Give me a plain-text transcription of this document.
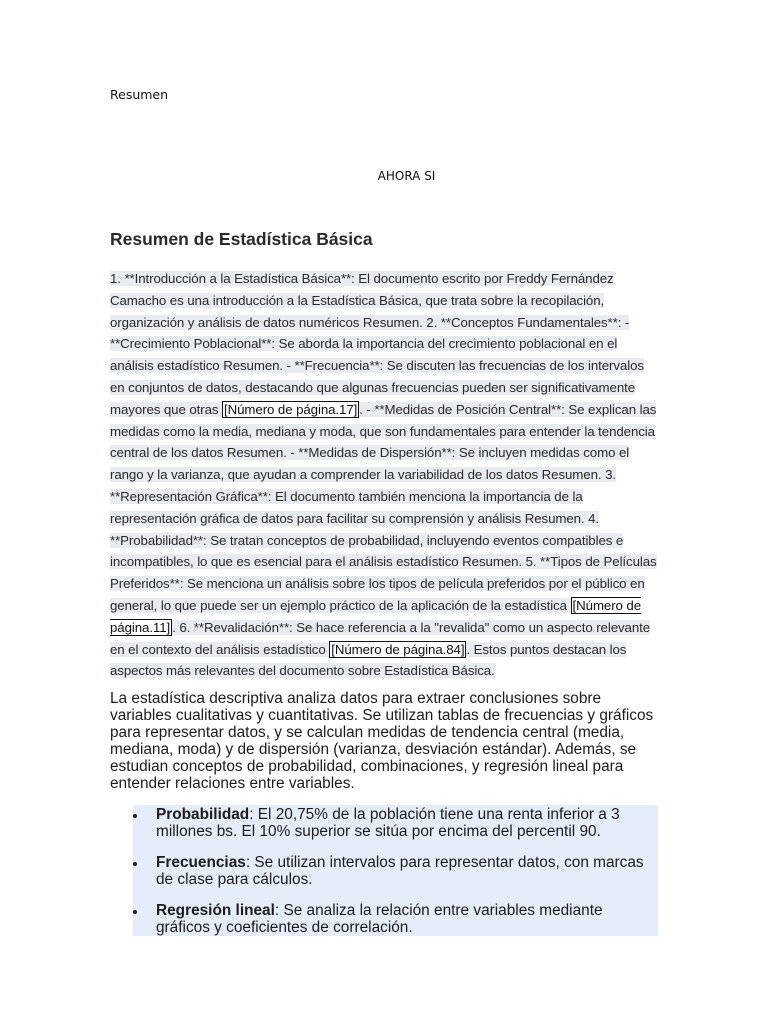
Resumen
AHORA SI
Resumen de Estadística Básica

1. **Introducción a la Estadística Básica**: El documento escrito por Freddy Fernández Camacho es una introducción a la Estadística Básica, que trata sobre la recopilación, organización y análisis de datos numéricos Resumen. 2. **Conceptos Fundamentales**: - **Crecimiento Poblacional**: Se aborda la importancia del crecimiento poblacional en el análisis estadístico Resumen. - **Frecuencia**: Se discuten las frecuencias de los intervalos en conjuntos de datos, destacando que algunas frecuencias pueden ser significativamente mayores que otras [Número de página.17] . - **Medidas de Posición Central**: Se explican las medidas como la media, mediana y moda, que son fundamentales para entender la tendencia central de los datos Resumen. - **Medidas de Dispersión**: Se incluyen medidas como el rango y la varianza, que ayudan a comprender la variabilidad de los datos Resumen. 3. **Representación Gráfica**: El documento también menciona la importancia de la representación gráfica de datos para facilitar su comprensión y análisis Resumen. 4. **Probabilidad**: Se tratan conceptos de probabilidad, incluyendo eventos compatibles e incompatibles, lo que es esencial para el análisis estadístico Resumen. 5. **Tipos de Películas Preferidos**: Se menciona un análisis sobre los tipos de película preferidos por el público en general, lo que puede ser un ejemplo práctico de la aplicación de la estadística [Número de página.11] . 6. **Revalidación**: Se hace referencia a la "revalida" como un aspecto relevante en el contexto del análisis estadístico [Número de página.84] . Estos puntos destacan los aspectos más relevantes del documento sobre Estadística Básica.

La estadística descriptiva analiza datos para extraer conclusiones sobre variables cualitativas y cuantitativas. Se utilizan tablas de frecuencias y gráficos para representar datos, y se calculan medidas de tendencia central (media, mediana, moda) y de dispersión (varianza, desviación estándar). Además, se estudian conceptos de probabilidad, combinaciones, y regresión lineal para entender relaciones entre variables.

Probabilidad: El 20,75% de la población tiene una renta inferior a 3 millones bs. El 10% superior se sitúa por encima del percentil 90.
Frecuencias: Se utilizan intervalos para representar datos, con marcas de clase para cálculos.
Regresión lineal: Se analiza la relación entre variables mediante gráficos y coeficientes de correlación.
